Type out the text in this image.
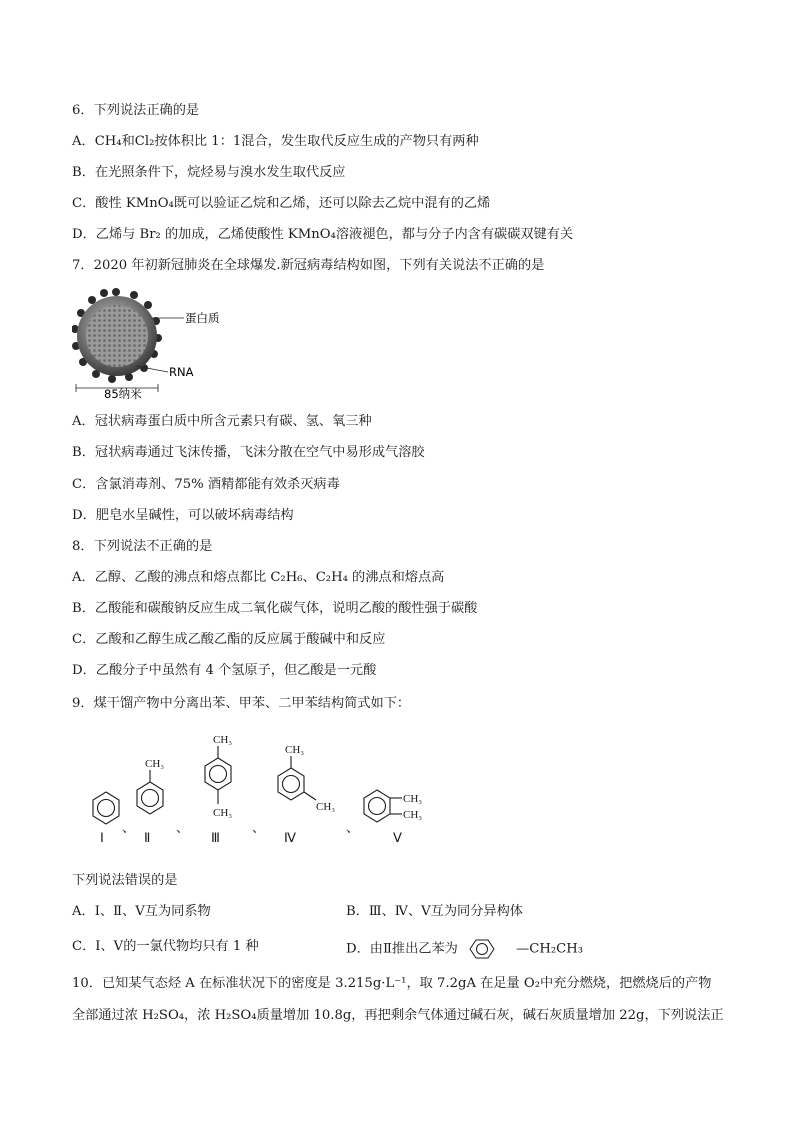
6．下列说法正确的是
A．CH₄和Cl₂按体积比 1：1混合，发生取代反应生成的产物只有两种
B．在光照条件下，烷烃易与溴水发生取代反应
C．酸性 KMnO₄既可以验证乙烷和乙烯，还可以除去乙烷中混有的乙烯
D．乙烯与 Br₂ 的加成，乙烯使酸性 KMnO₄溶液褪色，都与分子内含有碳碳双键有关
7．2020 年初新冠肺炎在全球爆发.新冠病毒结构如图，下列有关说法不正确的是
蛋白质
RNA
85纳米
A．冠状病毒蛋白质中所含元素只有碳、氢、氧三种
B．冠状病毒通过飞沫传播，飞沫分散在空气中易形成气溶胶
C．含氯消毒剂、75% 酒精都能有效杀灭病毒
D．肥皂水呈碱性，可以破坏病毒结构
8．下列说法不正确的是
A．乙醇、乙酸的沸点和熔点都比 C₂H₆、C₂H₄ 的沸点和熔点高
B．乙酸能和碳酸钠反应生成二氧化碳气体，说明乙酸的酸性强于碳酸
C．乙酸和乙醇生成乙酸乙酯的反应属于酸碱中和反应
D．乙酸分子中虽然有 4 个氢原子，但乙酸是一元酸
9．煤干馏产物中分离出苯、甲苯、二甲苯结构简式如下：
CH₃
CH₃
CH₃
CH₃
CH₃
CH₃
CH₃
Ⅰ	Ⅱ	Ⅲ	Ⅳ	Ⅴ
、	、	、	、
下列说法错误的是
A．Ⅰ、Ⅱ、Ⅴ互为同系物	B．Ⅲ、Ⅳ、Ⅴ互为同分异构体
C．Ⅰ、Ⅴ的一氯代物均只有 1 种	D．由Ⅱ推出乙苯为	—CH₂CH₃
10．已知某气态烃 A 在标准状况下的密度是 3.215g·L⁻¹，取 7.2gA 在足量 O₂中充分燃烧，把燃烧后的产物
全部通过浓 H₂SO₄，浓 H₂SO₄质量增加 10.8g，再把剩余气体通过碱石灰，碱石灰质量增加 22g，下列说法正
